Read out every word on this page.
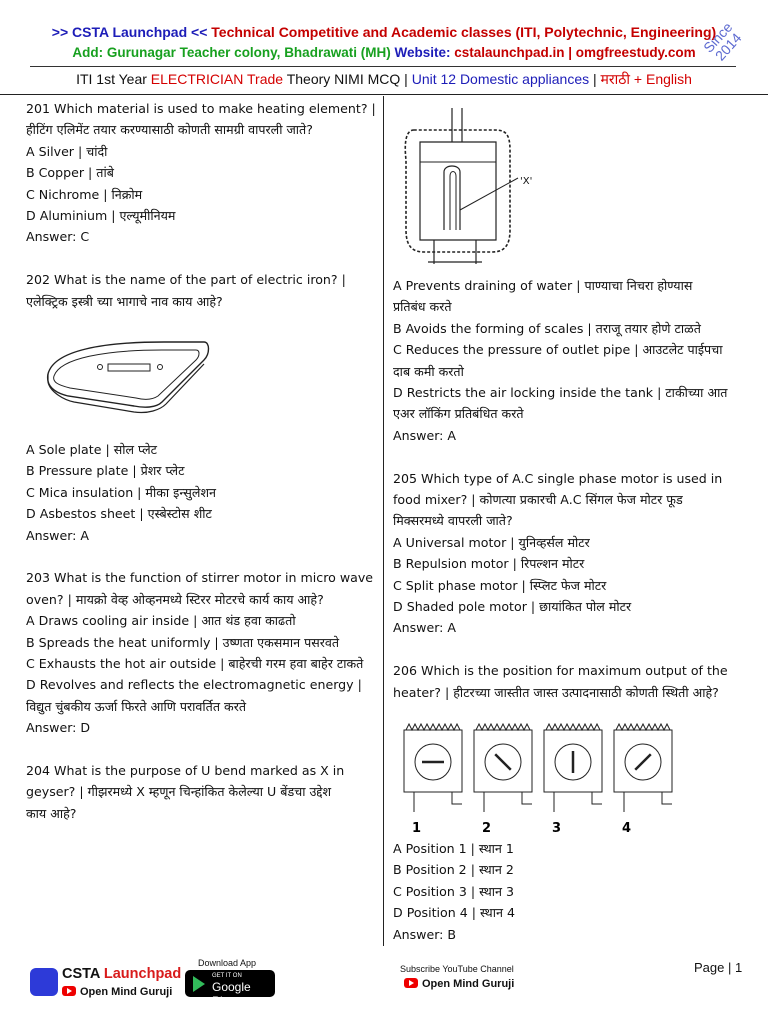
>> CSTA Launchpad << Technical Competitive and Academic classes (ITI, Polytechnic, Engineering)
Since 2014
Add: Gurunagar Teacher colony, Bhadrawati (MH) Website: cstalaunchpad.in | omgfreestudy.com
ITI 1st Year ELECTRICIAN Trade Theory NIMI MCQ | Unit 12 Domestic appliances | मराठी + English
201 Which material is used to make heating element? |
हीटिंग एलिमेंट तयार करण्यासाठी कोणती सामग्री वापरली जाते?
A Silver | चांदी
B Copper | तांबे
C Nichrome | निक्रोम
D Aluminium | एल्यूमीनियम
Answer: C
202 What is the name of the part of electric iron? |
एलेक्ट्रिक इस्त्री च्या भागाचे नाव काय आहे?
A Sole plate | सोल प्लेट
B Pressure plate | प्रेशर प्लेट
C Mica insulation | मीका इन्सुलेशन
D Asbestos sheet | एस्बेस्टोस शीट
Answer: A
203 What is the function of stirrer motor in micro wave
oven? | मायक्रो वेव्ह ओव्हनमध्ये स्टिरर मोटरचे कार्य काय आहे?
A Draws cooling air inside | आत थंड हवा काढतो
B Spreads the heat uniformly | उष्णता एकसमान पसरवते
C Exhausts the hot air outside | बाहेरची गरम हवा बाहेर टाकते
D Revolves and reflects the electromagnetic energy |
विद्युत चुंबकीय ऊर्जा फिरते आणि परावर्तित करते
Answer: D
204 What is the purpose of U bend marked as X in
geyser? | गीझरमध्ये X म्हणून चिन्हांकित केलेल्या U बेंडचा उद्देश
काय आहे?
'X'
A Prevents draining of water | पाण्याचा निचरा होण्यास
प्रतिबंध करते
B Avoids the forming of scales | तराजू तयार होणे टाळते
C Reduces the pressure of outlet pipe | आउटलेट पाईपचा
दाब कमी करतो
D Restricts the air locking inside the tank | टाकीच्या आत
एअर लॉकिंग प्रतिबंधित करते
Answer: A
205 Which type of A.C single phase motor is used in
food mixer? | कोणत्या प्रकारची A.C सिंगल फेज मोटर फूड
मिक्सरमध्ये वापरली जाते?
A Universal motor | युनिव्हर्सल मोटर
B Repulsion motor | रिपल्शन मोटर
C Split phase motor | स्प्लिट फेज मोटर
D Shaded pole motor | छायांकित पोल मोटर
Answer: A
206 Which is the position for maximum output of the
heater? | हीटरच्या जास्तीत जास्त उत्पादनासाठी कोणती स्थिती आहे?
1	2	3	4
A Position 1 | स्थान 1
B Position 2 | स्थान 2
C Position 3 | स्थान 3
D Position 4 | स्थान 4
Answer: B
CSTA Launchpad
Open Mind Guruji
Download App
GET IT ON
Google Play
Subscribe YouTube Channel
Open Mind Guruji
Page | 1
